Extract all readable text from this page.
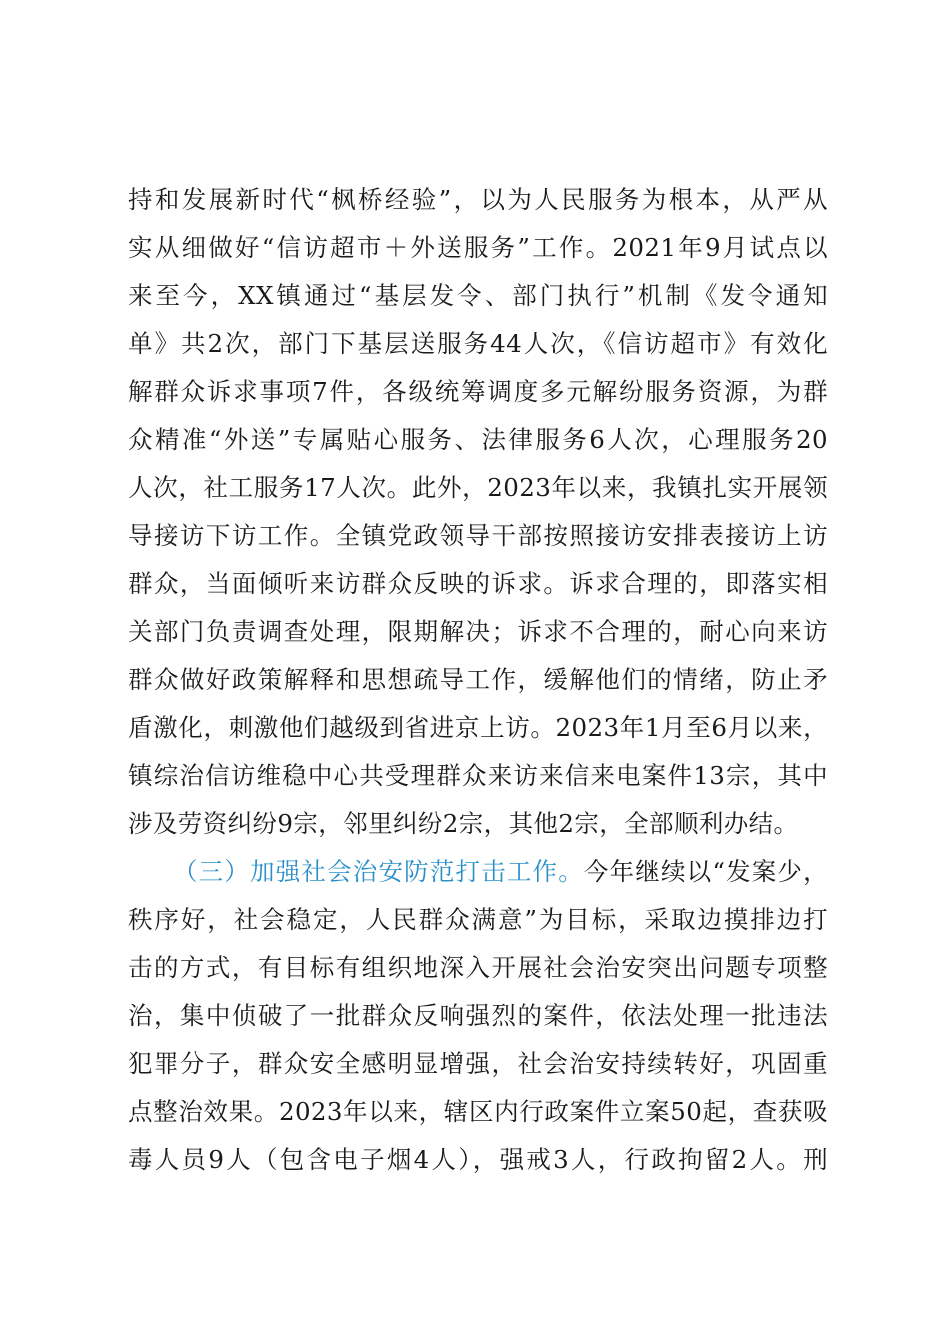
持和发展新时代“枫桥经验”，以为人民服务为根本，从严从
实从细做好“信访超市＋外送服务”工作。2021年9月试点以
来至今，XX镇通过“基层发令、部门执行”机制《发令通知
单》共2次，部门下基层送服务44人次，《信访超市》有效化
解群众诉求事项7件，各级统筹调度多元解纷服务资源，为群
众精准“外送”专属贴心服务、法律服务6人次，心理服务20
人次，社工服务17人次。此外，2023年以来，我镇扎实开展领
导接访下访工作。全镇党政领导干部按照接访安排表接访上访
群众，当面倾听来访群众反映的诉求。诉求合理的，即落实相
关部门负责调查处理，限期解决；诉求不合理的，耐心向来访
群众做好政策解释和思想疏导工作，缓解他们的情绪，防止矛
盾激化，刺激他们越级到省进京上访。2023年1月至6月以来，
镇综治信访维稳中心共受理群众来访来信来电案件13宗，其中
涉及劳资纠纷9宗，邻里纠纷2宗，其他2宗，全部顺利办结。
（三）加强社会治安防范打击工作。今年继续以“发案少，
秩序好，社会稳定，人民群众满意”为目标，采取边摸排边打
击的方式，有目标有组织地深入开展社会治安突出问题专项整
治，集中侦破了一批群众反响强烈的案件，依法处理一批违法
犯罪分子，群众安全感明显增强，社会治安持续转好，巩固重
点整治效果。2023年以来，辖区内行政案件立案50起，查获吸
毒人员9人（包含电子烟4人），强戒3人，行政拘留2人。刑
